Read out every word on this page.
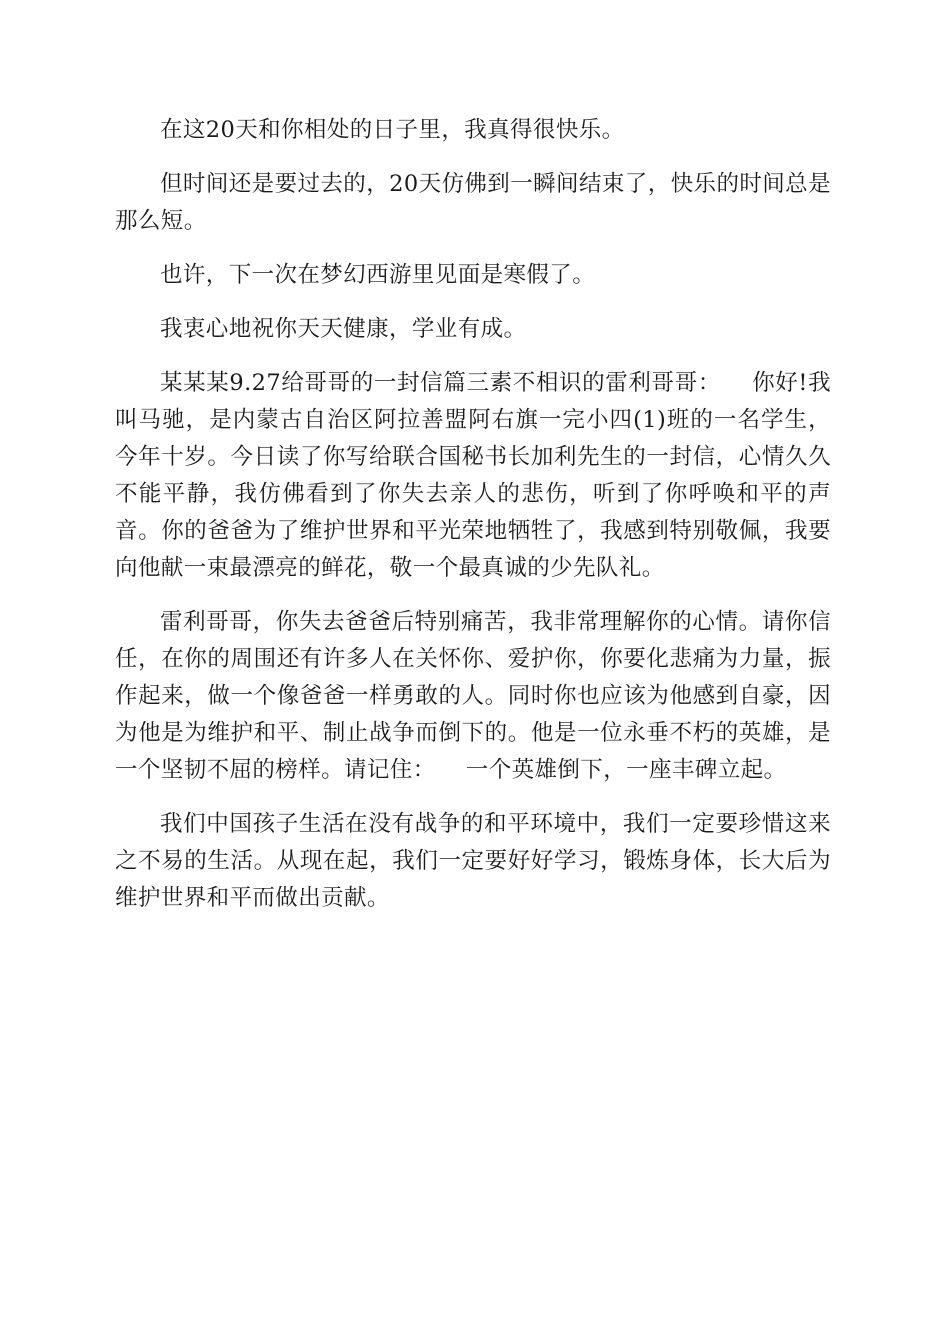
在这20天和你相处的日子里，我真得很快乐。

但时间还是要过去的，20天仿佛到一瞬间结束了，快乐的时间总是那么短。

也许，下一次在梦幻西游里见面是寒假了。

我衷心地祝你天天健康，学业有成。

某某某9.27给哥哥的一封信篇三素不相识的雷利哥哥：    你好!我叫马驰，是内蒙古自治区阿拉善盟阿右旗一完小四(1)班的一名学生，今年十岁。今日读了你写给联合国秘书长加利先生的一封信，心情久久不能平静，我仿佛看到了你失去亲人的悲伤，听到了你呼唤和平的声音。你的爸爸为了维护世界和平光荣地牺牲了，我感到特别敬佩，我要向他献一束最漂亮的鲜花，敬一个最真诚的少先队礼。

雷利哥哥，你失去爸爸后特别痛苦，我非常理解你的心情。请你信任，在你的周围还有许多人在关怀你、爱护你，你要化悲痛为力量，振作起来，做一个像爸爸一样勇敢的人。同时你也应该为他感到自豪，因为他是为维护和平、制止战争而倒下的。他是一位永垂不朽的英雄，是一个坚韧不屈的榜样。请记住：    一个英雄倒下，一座丰碑立起。

我们中国孩子生活在没有战争的和平环境中，我们一定要珍惜这来之不易的生活。从现在起，我们一定要好好学习，锻炼身体，长大后为维护世界和平而做出贡献。
